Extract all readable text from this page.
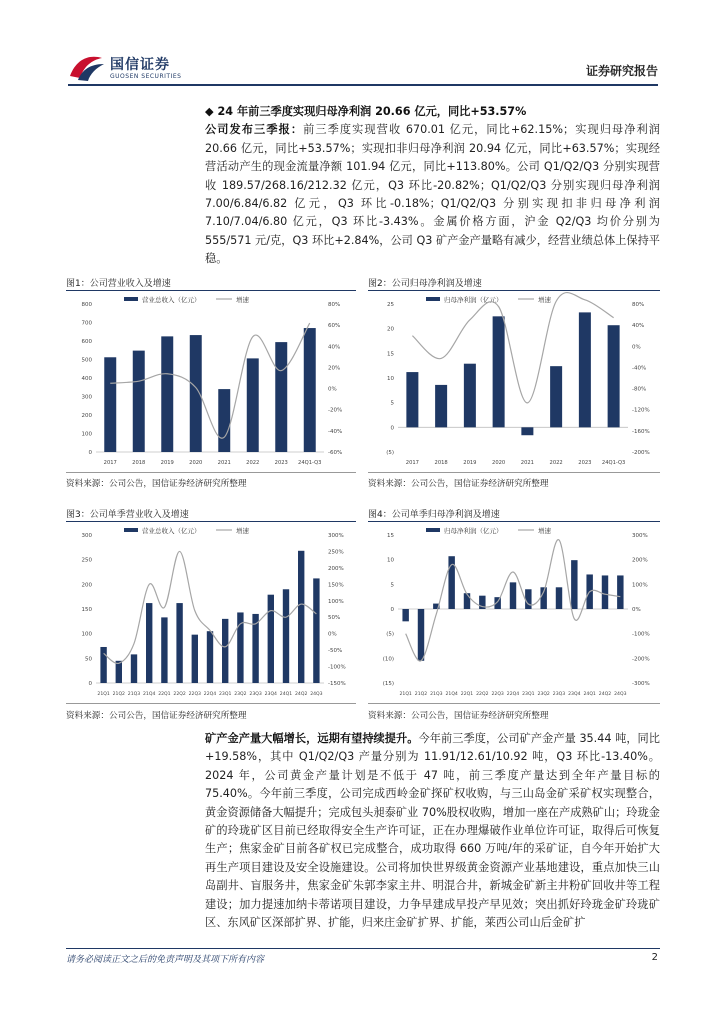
国信证券
GUOSEN SECURITIES	证券研究报告
◆ 24 年前三季度实现归母净利润 20.66 亿元，同比+53.57%
公司发布三季报：前三季度实现营收 670.01 亿元，同比+62.15%；实现归母净利润 20.66 亿元，同比+53.57%；实现扣非归母净利润 20.94 亿元，同比+63.57%；实现经营活动产生的现金流量净额 101.94 亿元，同比+113.80%。公司 Q1/Q2/Q3 分别实现营收 189.57/268.16/212.32 亿元，Q3 环比-20.82%；Q1/Q2/Q3 分别实现归母净利润 7.00/6.84/6.82 亿元，Q3 环比-0.18%；Q1/Q2/Q3 分别实现扣非归母净利润 7.10/7.04/6.80 亿元，Q3 环比-3.43%。金属价格方面，沪金 Q2/Q3 均价分别为 555/571 元/克，Q3 环比+2.84%，公司 Q3 矿产金产量略有减少，经营业绩总体上保持平稳。
图1：公司营业收入及增速
营业总收入（亿元）	增速
0
100
200
300
400
500
600
700
800
-60%
-40%
-20%
0%
20%
40%
60%
80%
2017	2018	2019	2020	2021	2022	2023 24Q1-Q3
资料来源：公司公告，国信证券经济研究所整理
图2：公司归母净利润及增速
归母净利润（亿元）	增速
(5)
0
5
10
15
20
25
-200%
-160%
-120%
-80%
-40%
0%
40%
80%
2017	2018	2019	2020	2021	2022	2023 24Q1-Q3
资料来源：公司公告，国信证券经济研究所整理
图3：公司单季营业收入及增速
营业总收入（亿元）	增速
0
50
100
150
200
250
300
-150%
-100%
-50%
0%
50%
100%
150%
200%
250%
300%
21Q1 21Q2 21Q3 21Q4 22Q1 22Q2 22Q3 22Q4 23Q1 23Q2 23Q3 23Q4 24Q1 24Q2 24Q3
资料来源：公司公告，国信证券经济研究所整理
图4：公司单季归母净利润及增速
归母净利润（亿元）	增速
(15)
(10)
(5)
0
5
10
15
-300%
-200%
-100%
0%
100%
200%
300%
21Q1 21Q2 21Q3 21Q4 22Q1 22Q2 22Q3 22Q4 23Q1 23Q2 23Q3 23Q4 24Q1 24Q2 24Q3
资料来源：公司公告，国信证券经济研究所整理
矿产金产量大幅增长，远期有望持续提升。今年前三季度，公司矿产金产量 35.44 吨，同比+19.58%，其中 Q1/Q2/Q3 产量分别为 11.91/12.61/10.92 吨，Q3 环比-13.40%。2024 年，公司黄金产量计划是不低于 47 吨，前三季度产量达到全年产量目标的 75.40%。今年前三季度，公司完成西岭金矿探矿权收购，与三山岛金矿采矿权实现整合，黄金资源储备大幅提升；完成包头昶泰矿业 70%股权收购，增加一座在产成熟矿山；玲珑金矿的玲珑矿区目前已经取得安全生产许可证，正在办理爆破作业单位许可证，取得后可恢复生产；焦家金矿目前各矿权已完成整合，成功取得 660 万吨/年的采矿证，自今年开始扩大再生产项目建设及安全设施建设。公司将加快世界级黄金资源产业基地建设，重点加快三山岛副井、盲服务井，焦家金矿朱郭李家主井、明混合井，新城金矿新主井粉矿回收井等工程建设；加力提速加纳卡蒂诺项目建设，力争早建成早投产早见效；突出抓好玲珑金矿玲珑矿区、东风矿区深部扩界、扩能，归来庄金矿扩界、扩能，莱西公司山后金矿扩
请务必阅读正文之后的免责声明及其项下所有内容	2
